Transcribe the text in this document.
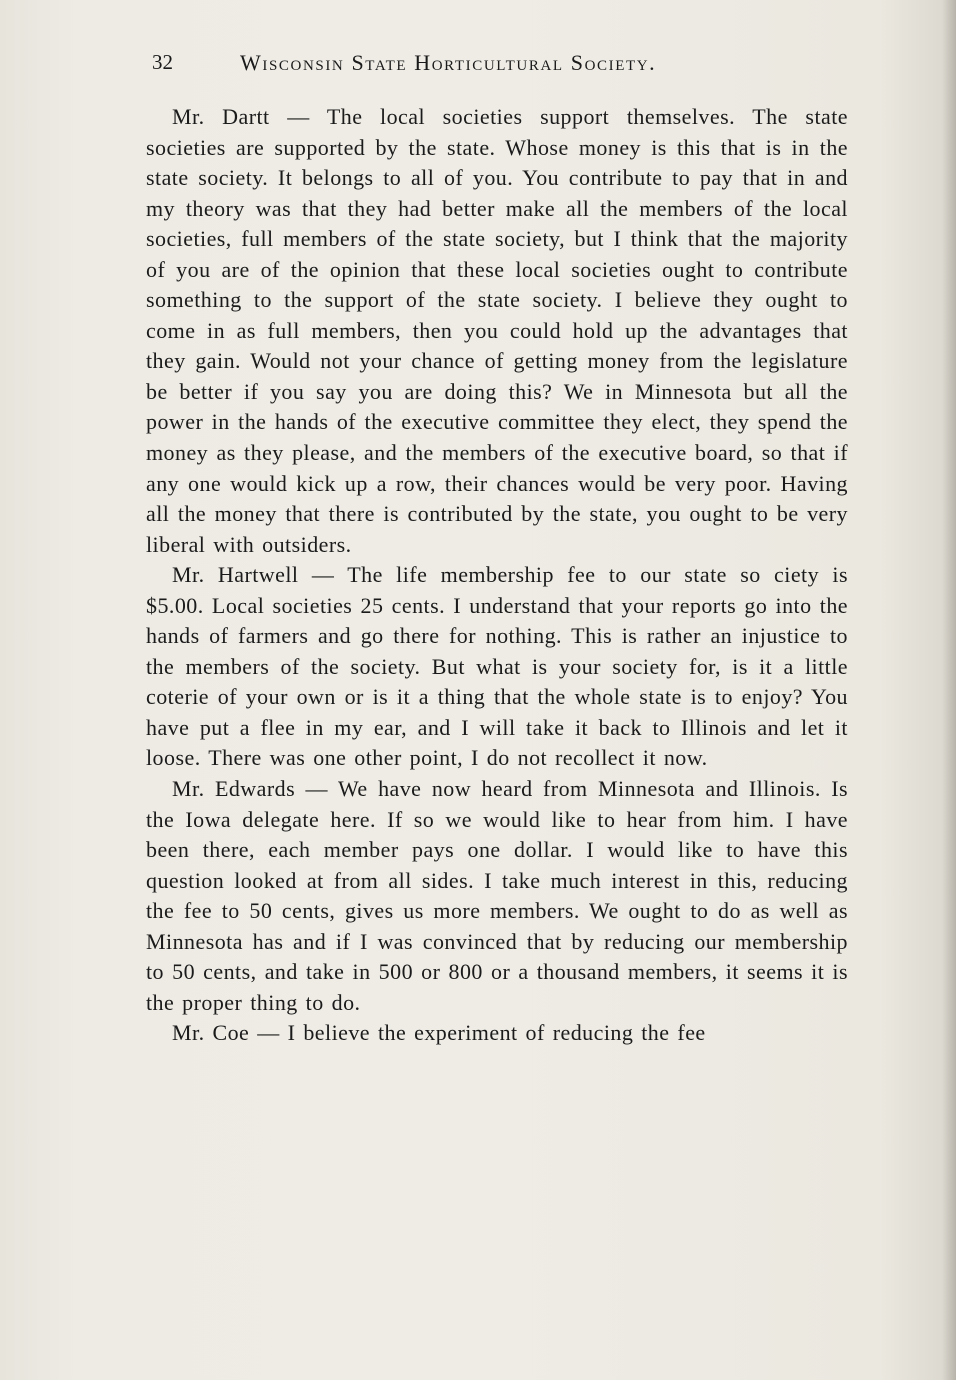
32	Wisconsin State Horticultural Society.

Mr. Dartt — The local societies support themselves. The state societies are supported by the state. Whose money is this that is in the state society. It belongs to all of you. You contribute to pay that in and my theory was that they had better make all the members of the local societies, full members of the state society, but I think that the majority of you are of the opinion that these local societies ought to contribute something to the support of the state society. I believe they ought to come in as full members, then you could hold up the advantages that they gain. Would not your chance of getting money from the legislature be better if you say you are doing this? We in Minnesota but all the power in the hands of the executive committee they elect, they spend the money as they please, and the members of the executive board, so that if any one would kick up a row, their chances would be very poor. Having all the money that there is contributed by the state, you ought to be very liberal with outsiders.

Mr. Hartwell — The life membership fee to our state so ciety is $5.00. Local societies 25 cents. I understand that your reports go into the hands of farmers and go there for nothing. This is rather an injustice to the members of the society. But what is your society for, is it a little coterie of your own or is it a thing that the whole state is to enjoy? You have put a flee in my ear, and I will take it back to Illinois and let it loose. There was one other point, I do not recollect it now.

Mr. Edwards — We have now heard from Minnesota and Illinois. Is the Iowa delegate here. If so we would like to hear from him. I have been there, each member pays one dollar. I would like to have this question looked at from all sides. I take much interest in this, reducing the fee to 50 cents, gives us more members. We ought to do as well as Minnesota has and if I was convinced that by reducing our membership to 50 cents, and take in 500 or 800 or a thousand members, it seems it is the proper thing to do.

Mr. Coe — I believe the experiment of reducing the fee
